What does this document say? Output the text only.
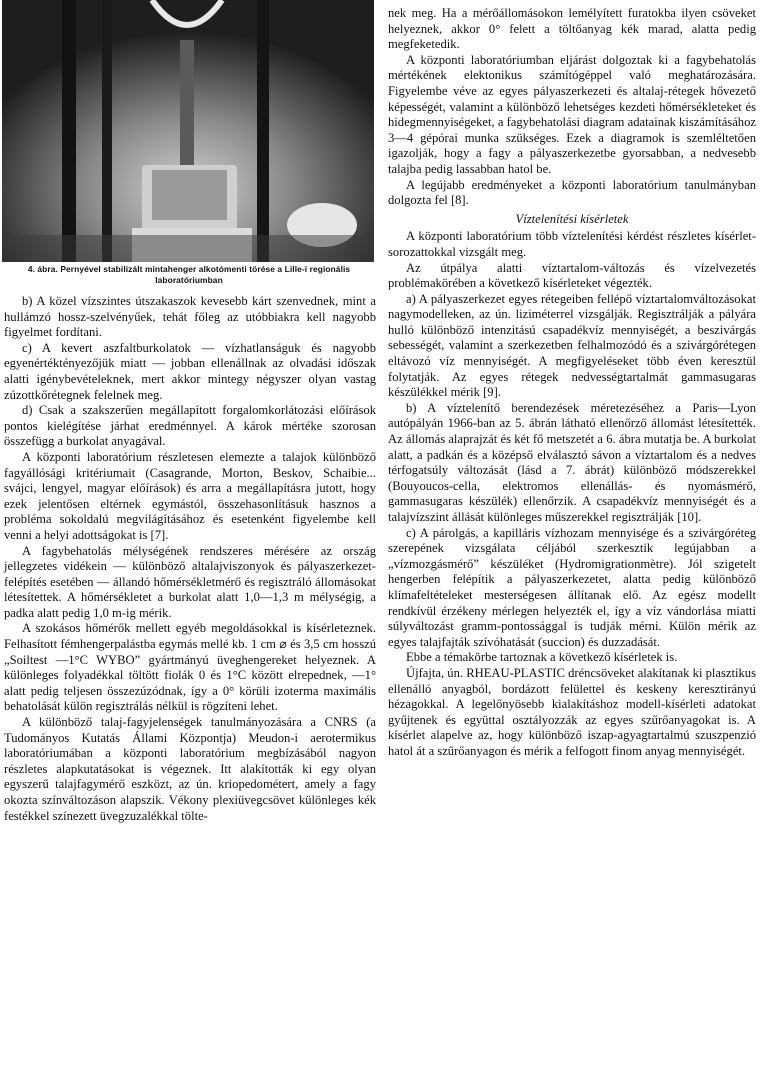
4. ábra. Pernyével stabilizált mintahenger alkotómenti törése a Lille-i regionális laboratóriumban

b) A közel vízszintes útszakaszok kevesebb kárt szenvednek, mint a hullámzó hossz-szelvényűek, tehát főleg az utóbbiakra kell nagyobb figyelmet fordítani.

c) A kevert aszfaltburkolatok — vízhatlanságuk és nagyobb egyenértéktényezőjük miatt — jobban ellenállnak az olvadási időszak alatti igénybevételeknek, mert akkor mintegy négyszer olyan vastag zúzottkőrétegnek felelnek meg.

d) Csak a szakszerűen megállapított forgalomkorlátozási előírások pontos kielégítése járhat eredménnyel. A károk mértéke szorosan összefügg a burkolat anyagával.

A központi laboratórium részletesen elemezte a talajok különböző fagyállósági kritériumait (Casagrande, Morton, Beskov, Schaibie... svájci, lengyel, magyar előírások) és arra a megállapításra jutott, hogy ezek jelentősen eltérnek egymástól, összehasonlításuk hasznos a probléma sokoldalú megvilágításához és esetenként figyelembe kell venni a helyi adottságokat is [7].

A fagybehatolás mélységének rendszeres mérésére az ország jellegzetes vidékein — különböző altalajviszonyok és pályaszerkezet-felépítés esetében — állandó hőmérsékletmérő és regisztráló állomásokat létesítettek. A hőmérsékletet a burkolat alatt 1,0—1,3 m mélységig, a padka alatt pedig 1,0 m-ig mérik.

A szokásos hőmérők mellett egyéb megoldásokkal is kísérleteznek. Felhasított fémhengerpalástba egymás mellé kb. 1 cm ⌀ és 3,5 cm hosszú „Soiltest —1°C WYBO” gyártmányú üveghengereket helyeznek. A különleges folyadékkal töltött fiolák 0 és 1°C között elrepednek, —1° alatt pedig teljesen összezúzódnak, így a 0° körüli izoterma maximális behatolását külön regisztrálás nélkül is rögzíteni lehet.

A különböző talaj-fagyjelenségek tanulmányozására a CNRS (a Tudományos Kutatás Állami Központja) Meudon-i aerotermikus laboratóriumában a központi laboratórium megbízásából nagyon részletes alapkutatásokat is végeznek. Itt alakították ki egy olyan egyszerű talajfagymérő eszközt, az ún. kriopedométert, amely a fagy okozta színváltozáson alapszik. Vékony plexiüvegcsövet különleges kék festékkel színezett üvegzuzalékkal tölte-

nek meg. Ha a mérőállomásokon lemélyített furatokba ilyen csöveket helyeznek, akkor 0° felett a töltőanyag kék marad, alatta pedig megfeketedik.

A központi laboratóriumban eljárást dolgoztak ki a fagybehatolás mértékének elektonikus számítógéppel való meghatározására. Figyelembe véve az egyes pályaszerkezeti és altalaj-rétegek hővezető képességét, valamint a különböző lehetséges kezdeti hőmérsékleteket és hidegmennyiségeket, a fagybehatolási diagram adatainak kiszámításához 3—4 gépórai munka szükséges. Ezek a diagramok is szemléltetően igazolják, hogy a fagy a pályaszerkezetbe gyorsabban, a nedvesebb talajba pedig lassabban hatol be.

A legújabb eredményeket a központi laboratórium tanulmányban dolgozta fel [8].

Víztelenítési kísérletek

A központi laboratórium több víztelenítési kérdést részletes kísérlet-sorozattokkal vizsgált meg.

Az útpálya alatti víztartalom-változás és vízelvezetés problémakörében a következő kísérleteket végezték.

a) A pályaszerkezet egyes rétegeiben fellépő víztartalomváltozásokat nagymodelleken, az ún. liziméterrel vizsgálják. Regisztrálják a pályára hulló különböző intenzitású csapadékvíz mennyiségét, a beszivárgás sebességét, valamint a szerkezetben felhalmozódó és a szivárgórétegen eltávozó víz mennyiségét. A megfigyeléseket több éven keresztül folytatják. Az egyes rétegek nedvességtartalmát gammasugaras készülékkel mérik [9].

b) A víztelenítő berendezések méretezéséhez a Paris—Lyon autópályán 1966-ban az 5. ábrán látható ellenőrző állomást létesítették. Az állomás alaprajzát és két fő metszetét a 6. ábra mutatja be. A burkolat alatt, a padkán és a középső elválasztó sávon a víztartalom és a nedves térfogatsúly változását (lásd a 7. ábrát) különböző módszerekkel (Bouyoucos-cella, elektromos ellenállás- és nyomásmérő, gammasugaras készülék) ellenőrzik. A csapadékvíz mennyiségét és a talajvízszint állását különleges műszerekkel regisztrálják [10].

c) A párolgás, a kapilláris vízhozam mennyisége és a szivárgóréteg szerepének vizsgálata céljából szerkesztik legújabban a „vízmozgásmérő” készüléket (Hydromigrationmètre). Jól szigetelt hengerben felépítik a pályaszerkezetet, alatta pedig különböző klímafeltételeket mesterségesen állítanak elő. Az egész modellt rendkívül érzékeny mérlegen helyezték el, így a víz vándorlása miatti súlyváltozást gramm-pontossággal is tudják mérni. Külön mérik az egyes talajfajták szívóhatását (succion) és duzzadását.

Ebbe a témakörbe tartoznak a következő kísérletek is.

Újfajta, ún. RHEAU-PLASTIC dréncsöveket alakítanak ki plasztikus ellenálló anyagból, bordázott felülettel és keskeny keresztirányú hézagokkal. A legelőnyösebb kialakításhoz modell-kísérleti adatokat gyűjtenek és együttal osztályozzák az egyes szűrőanyagokat is. A kísérlet alapelve az, hogy különböző iszap-agyagtartalmú szuszpenzió hatol át a szűrőanyagon és mérik a felfogott finom anyag mennyiségét.
